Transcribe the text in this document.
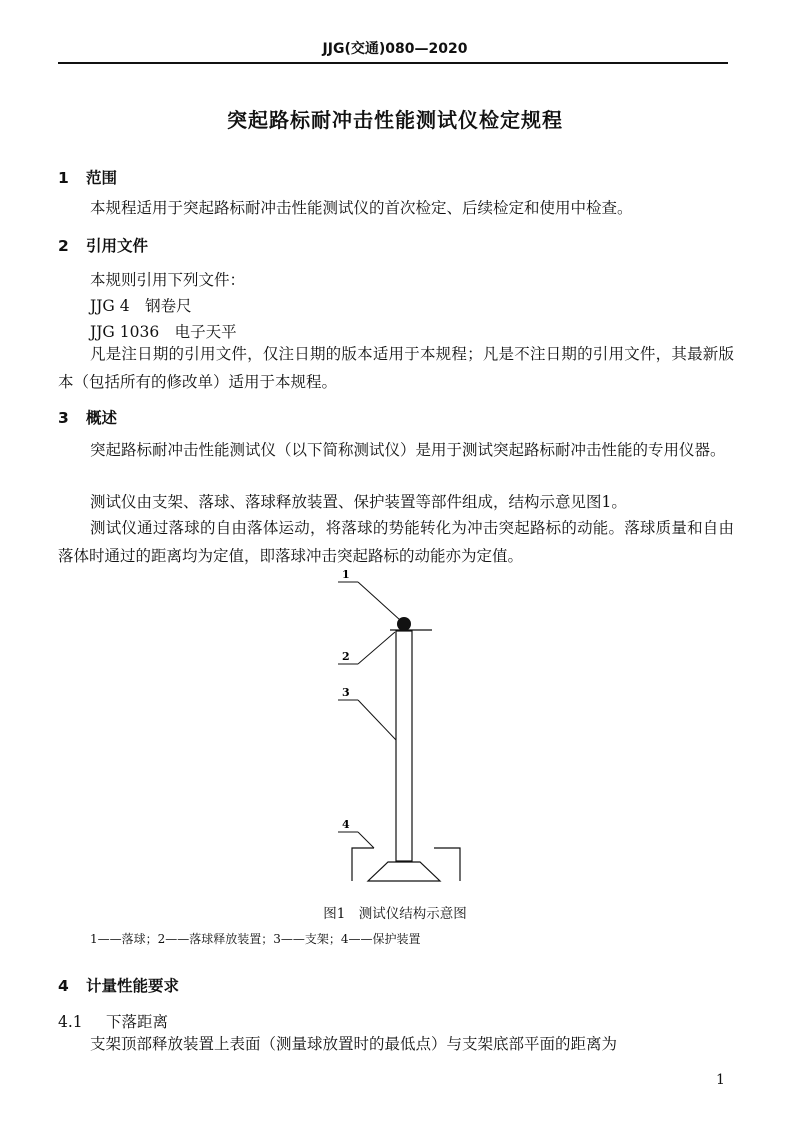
JJG(交通)080—2020
突起路标耐冲击性能测试仪检定规程
1 范围
本规程适用于突起路标耐冲击性能测试仪的首次检定、后续检定和使用中检查。
2 引用文件
本规则引用下列文件：
JJG 4　钢卷尺
JJG 1036　电子天平
凡是注日期的引用文件，仅注日期的版本适用于本规程；凡是不注日期的引用文件，其最新版本（包括所有的修改单）适用于本规程。
3 概述
突起路标耐冲击性能测试仪（以下简称测试仪）是用于测试突起路标耐冲击性能的专用仪器。
测试仪由支架、落球、落球释放装置、保护装置等部件组成，结构示意见图1。
测试仪通过落球的自由落体运动，将落球的势能转化为冲击突起路标的动能。落球质量和自由落体时通过的距离均为定值，即落球冲击突起路标的动能亦为定值。
1
2
3
4
图1　测试仪结构示意图
1——落球；2——落球释放装置；3——支架；4——保护装置
4 计量性能要求
4.1 下落距离
支架顶部释放装置上表面（测量球放置时的最低点）与支架底部平面的距离为
1
